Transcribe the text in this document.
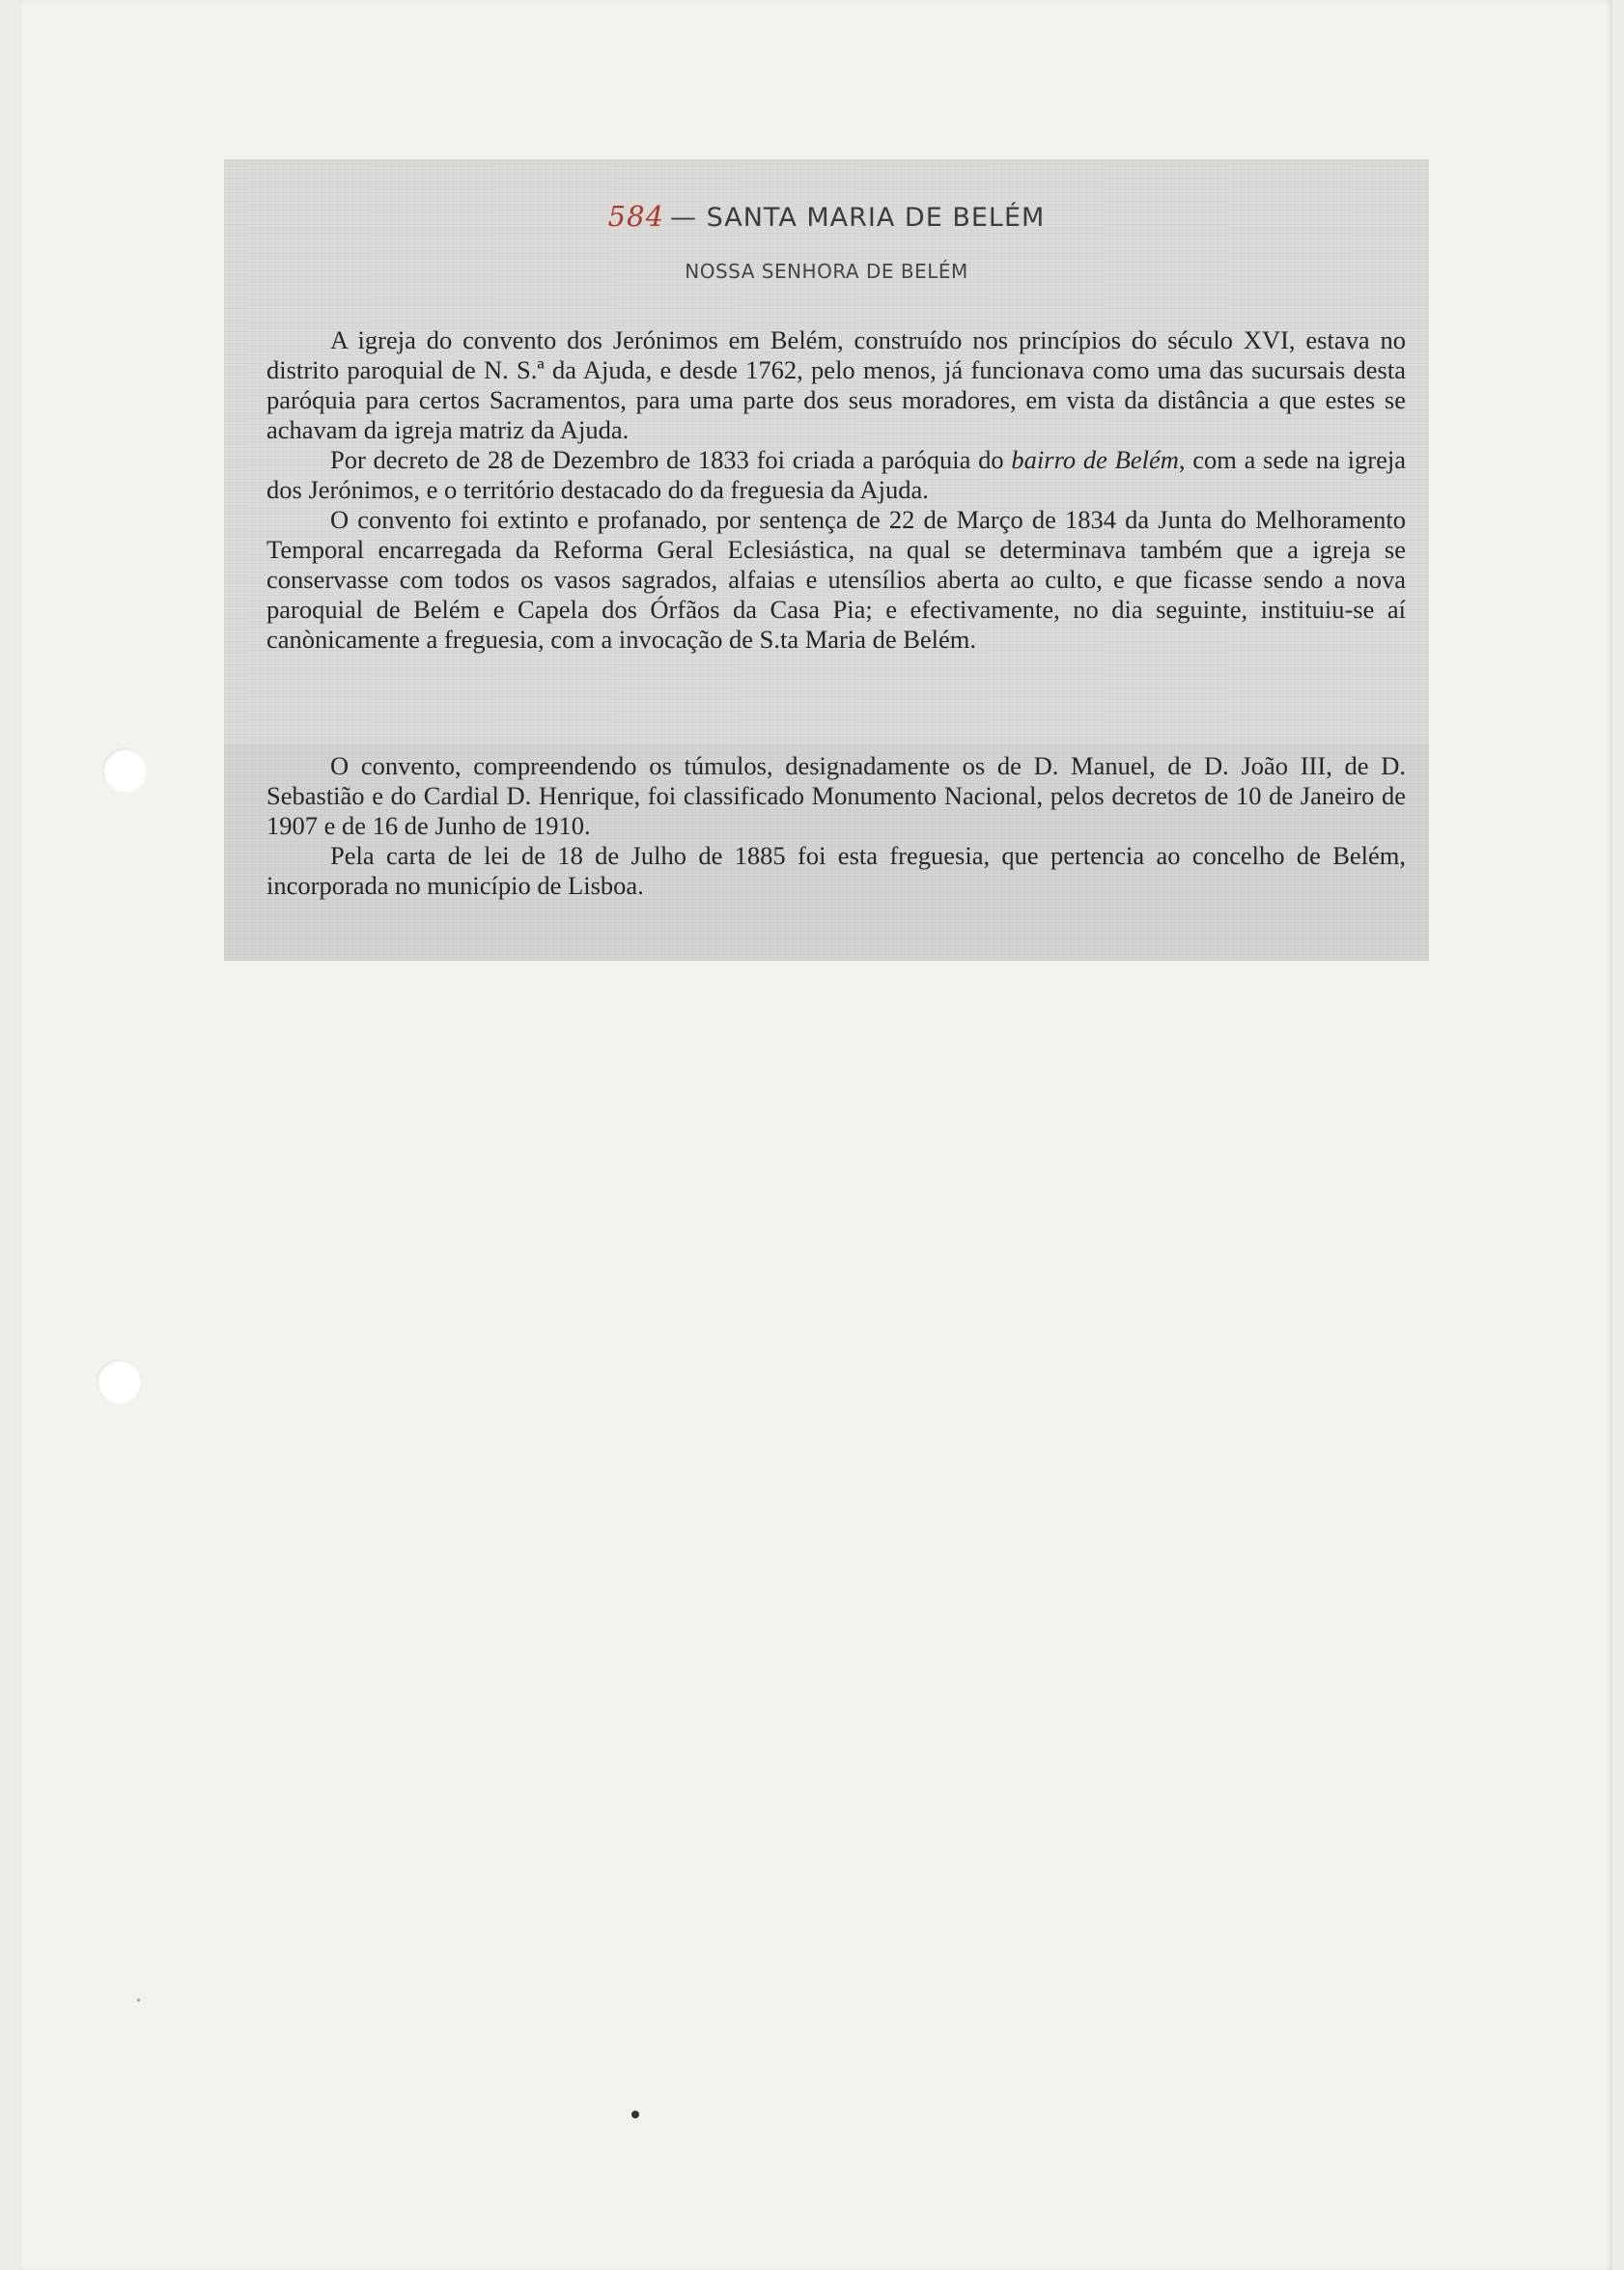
584 — SANTA MARIA DE BELÉM
NOSSA SENHORA DE BELÉM

A igreja do convento dos Jerónimos em Belém, construído nos princípios do século XVI, estava no distrito paroquial de N. S.ª da Ajuda, e desde 1762, pelo menos, já funcionava como uma das sucursais desta paróquia para certos Sacramentos, para uma parte dos seus moradores, em vista da distância a que estes se achavam da igreja matriz da Ajuda.

Por decreto de 28 de Dezembro de 1833 foi criada a paróquia do bairro de Belém, com a sede na igreja dos Jerónimos, e o território destacado do da freguesia da Ajuda.

O convento foi extinto e profanado, por sentença de 22 de Março de 1834 da Junta do Melhoramento Temporal encarregada da Reforma Geral Eclesiástica, na qual se determinava também que a igreja se conservasse com todos os vasos sagrados, alfaias e utensílios aberta ao culto, e que ficasse sendo a nova paroquial de Belém e Capela dos Órfãos da Casa Pia; e efectivamente, no dia seguinte, instituiu-se aí canònicamente a freguesia, com a invocação de S.ta Maria de Belém.

O convento, compreendendo os túmulos, designadamente os de D. Manuel, de D. João III, de D. Sebastião e do Cardial D. Henrique, foi classificado Monumento Nacional, pelos decretos de 10 de Janeiro de 1907 e de 16 de Junho de 1910.

Pela carta de lei de 18 de Julho de 1885 foi esta freguesia, que pertencia ao concelho de Belém, incorporada no município de Lisboa.
